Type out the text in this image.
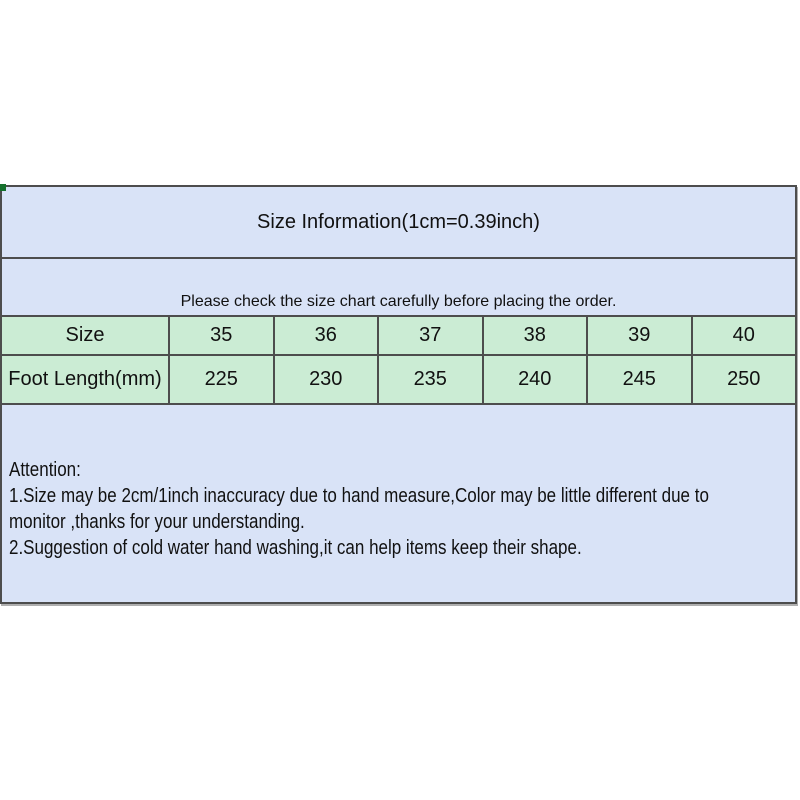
Size Information(1cm=0.39inch)
Please check the size chart carefully before placing the order.
Size	35	36	37	38	39	40
Foot Length(mm)	225	230	235	240	245	250
Attention:
1.Size may be 2cm/1inch inaccuracy due to hand measure,Color may be little different due to
monitor ,thanks for your understanding.
2.Suggestion of cold water hand washing,it can help items keep their shape.
